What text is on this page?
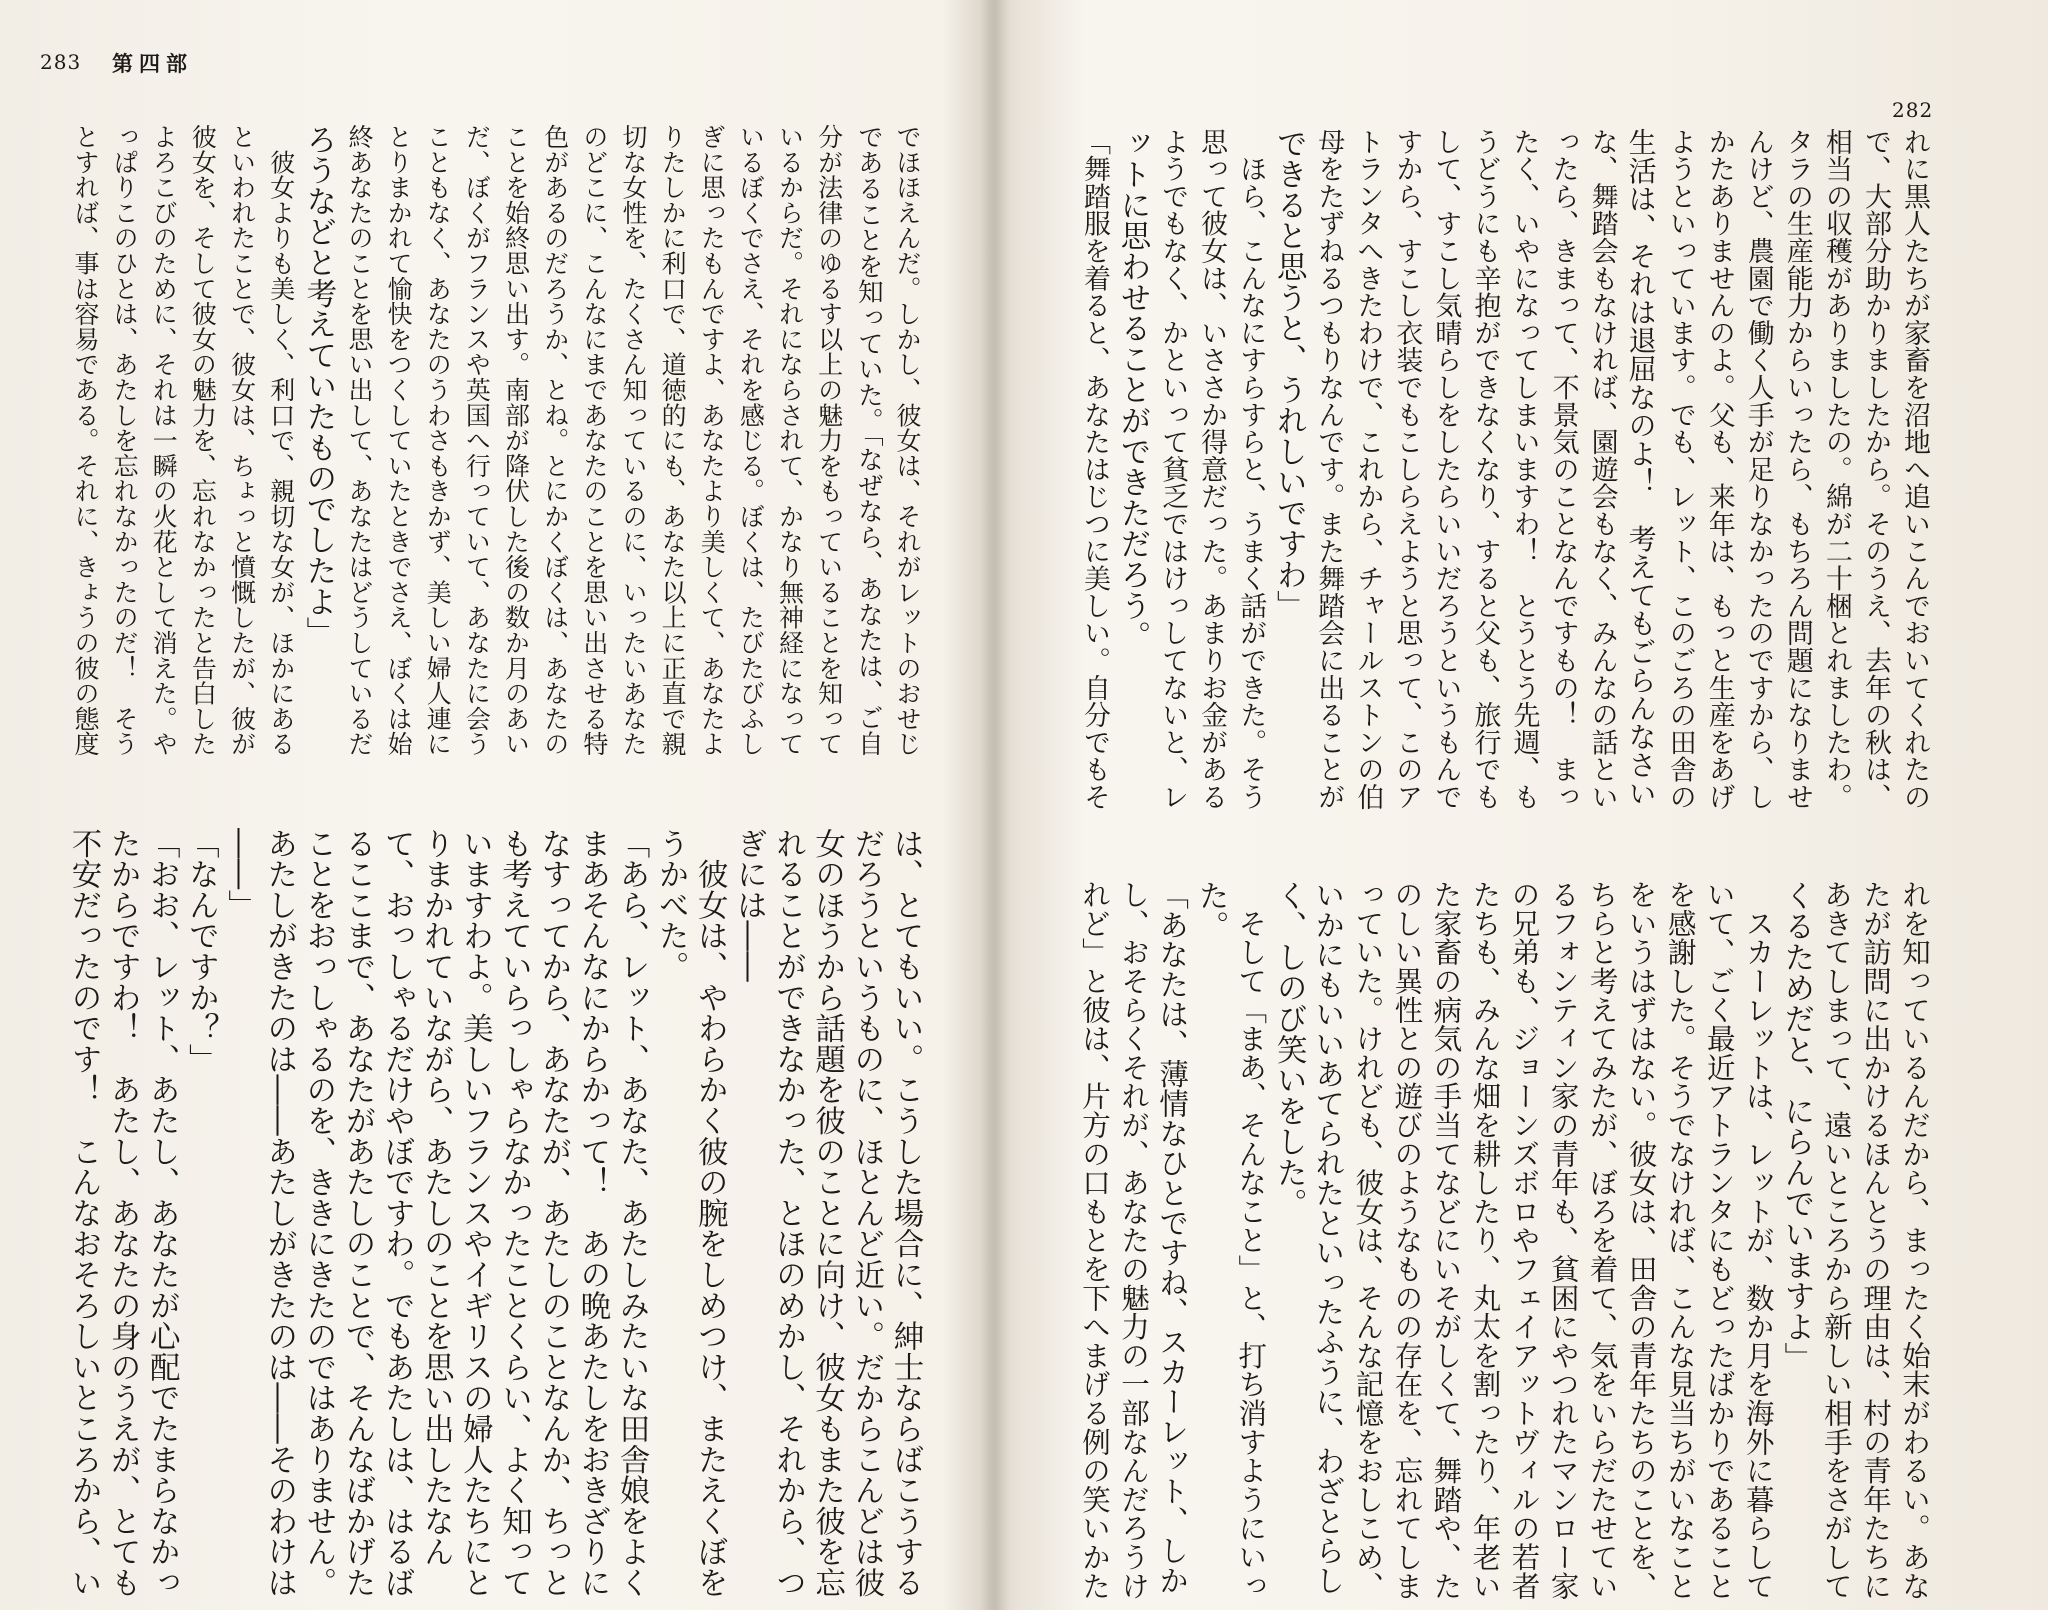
283 第四部
でほほえんだ。しかし、彼女は、それがレットのおせじ
であることを知っていた。「なぜなら、あなたは、ご自
分が法律のゆるす以上の魅力をもっていることを知って
いるからだ。それにならされて、かなり無神経になって
いるぼくでさえ、それを感じる。ぼくは、たびたびふし
ぎに思ったもんですよ、あなたより美しくて、あなたよ
りたしかに利口で、道徳的にも、あなた以上に正直で親
切な女性を、たくさん知っているのに、いったいあなた
のどこに、こんなにまであなたのことを思い出させる特
色があるのだろうか、とね。とにかくぼくは、あなたの
ことを始終思い出す。南部が降伏した後の数か月のあい
だ、ぼくがフランスや英国へ行っていて、あなたに会う
こともなく、あなたのうわさもきかず、美しい婦人連に
とりまかれて愉快をつくしていたときでさえ、ぼくは始
終あなたのことを思い出して、あなたはどうしているだ
ろうなどと考えていたものでしたよ」
　彼女よりも美しく、利口で、親切な女が、ほかにある
といわれたことで、彼女は、ちょっと憤慨したが、彼が
彼女を、そして彼女の魅力を、忘れなかったと告白した
よろこびのために、それは一瞬の火花として消えた。や
っぱりこのひとは、あたしを忘れなかったのだ！　そう
とすれば、事は容易である。それに、きょうの彼の態度
は、とてもいい。こうした場合に、紳士ならばこうする
だろうというものに、ほとんど近い。だからこんどは彼
女のほうから話題を彼のことに向け、彼女もまた彼を忘
れることができなかった、とほのめかし、それから、つ
ぎには――
　彼女は、やわらかく彼の腕をしめつけ、またえくぼを
うかべた。
「あら、レット、あなた、あたしみたいな田舎娘をよく
まあそんなにからかって！　あの晩あたしをおきざりに
なすってから、あなたが、あたしのことなんか、ちっと
も考えていらっしゃらなかったことくらい、よく知って
いますわよ。美しいフランスやイギリスの婦人たちにと
りまかれていながら、あたしのことを思い出したなん
て、おっしゃるだけやぼですわ。でもあたしは、はるば
るここまで、あなたがあたしのことで、そんなばかげた
ことをおっしゃるのを、ききにきたのではありません。
あたしがきたのは――あたしがきたのは――そのわけは
――」
「なんですか？」
「おお、レット、あたし、あなたが心配でたまらなかっ
たからですわ！　あたし、あなたの身のうえが、とても
不安だったのです！　こんなおそろしいところから、い
282
れに黒人たちが家畜を沼地へ追いこんでおいてくれたの
で、大部分助かりましたから。そのうえ、去年の秋は、
相当の収穫がありましたの。綿が二十梱とれましたわ。
タラの生産能力からいったら、もちろん問題になりませ
んけど、農園で働く人手が足りなかったのですから、し
かたありませんのよ。父も、来年は、もっと生産をあげ
ようといっています。でも、レット、このごろの田舎の
生活は、それは退屈なのよ！　考えてもごらんなさい
な、舞踏会もなければ、園遊会もなく、みんなの話とい
ったら、きまって、不景気のことなんですもの！　まっ
たく、いやになってしまいますわ！　とうとう先週、も
うどうにも辛抱ができなくなり、すると父も、旅行でも
して、すこし気晴らしをしたらいいだろうというもんで
すから、すこし衣装でもこしらえようと思って、このア
トランタへきたわけで、これから、チャールストンの伯
母をたずねるつもりなんです。また舞踏会に出ることが
できると思うと、うれしいですわ」
　ほら、こんなにすらすらと、うまく話ができた。そう
思って彼女は、いささか得意だった。あまりお金がある
ようでもなく、かといって貧乏ではけっしてないと、レ
ットに思わせることができただろう。
「舞踏服を着ると、あなたはじつに美しい。自分でもそ
れを知っているんだから、まったく始末がわるい。あな
たが訪問に出かけるほんとうの理由は、村の青年たちに
あきてしまって、遠いところから新しい相手をさがして
くるためだと、にらんでいますよ」
　スカーレットは、レットが、数か月を海外に暮らして
いて、ごく最近アトランタにもどったばかりであること
を感謝した。そうでなければ、こんな見当ちがいなこと
をいうはずはない。彼女は、田舎の青年たちのことを、
ちらと考えてみたが、ぼろを着て、気をいらだたせてい
るフォンティン家の青年も、貧困にやつれたマンロー家
の兄弟も、ジョーンズボロやフェイアットヴィルの若者
たちも、みんな畑を耕したり、丸太を割ったり、年老い
た家畜の病気の手当てなどにいそがしくて、舞踏や、た
のしい異性との遊びのようなものの存在を、忘れてしま
っていた。けれども、彼女は、そんな記憶をおしこめ、
いかにもいいあてられたといったふうに、わざとらし
く、しのび笑いをした。
　そして「まあ、そんなこと」と、打ち消すようにいっ
た。
「あなたは、薄情なひとですね、スカーレット、しか
し、おそらくそれが、あなたの魅力の一部なんだろうけ
れど」と彼は、片方の口もとを下へまげる例の笑いかた
